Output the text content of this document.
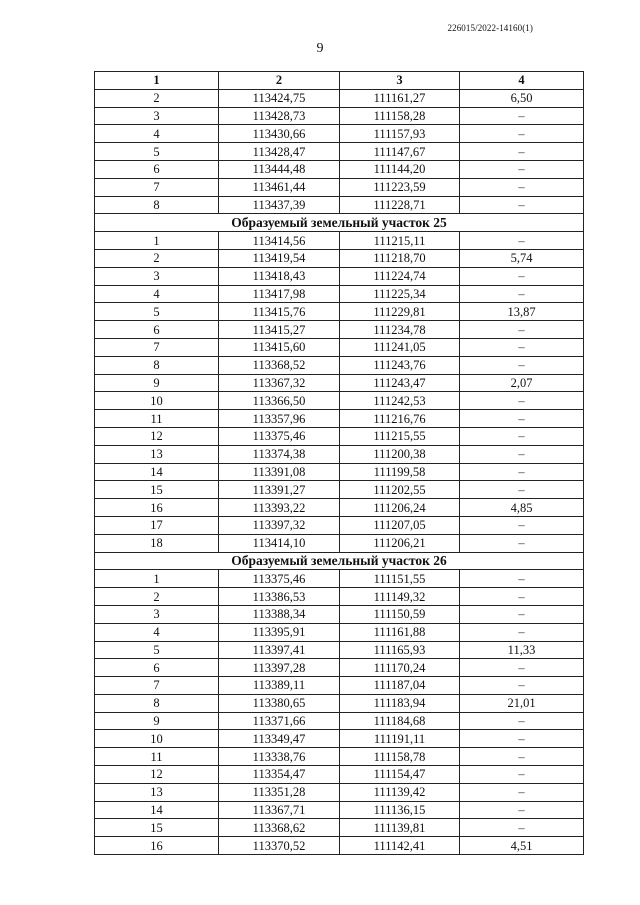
226015/2022-14160(1)
9
1	2	3	4
2	113424,75	111161,27	6,50
3	113428,73	111158,28	–
4	113430,66	111157,93	–
5	113428,47	111147,67	–
6	113444,48	111144,20	–
7	113461,44	111223,59	–
8	113437,39	111228,71	–
Образуемый земельный участок 25			
1	113414,56	111215,11	–
2	113419,54	111218,70	5,74
3	113418,43	111224,74	–
4	113417,98	111225,34	–
5	113415,76	111229,81	13,87
6	113415,27	111234,78	–
7	113415,60	111241,05	–
8	113368,52	111243,76	–
9	113367,32	111243,47	2,07
10	113366,50	111242,53	–
11	113357,96	111216,76	–
12	113375,46	111215,55	–
13	113374,38	111200,38	–
14	113391,08	111199,58	–
15	113391,27	111202,55	–
16	113393,22	111206,24	4,85
17	113397,32	111207,05	–
18	113414,10	111206,21	–
Образуемый земельный участок 26			
1	113375,46	111151,55	–
2	113386,53	111149,32	–
3	113388,34	111150,59	–
4	113395,91	111161,88	–
5	113397,41	111165,93	11,33
6	113397,28	111170,24	–
7	113389,11	111187,04	–
8	113380,65	111183,94	21,01
9	113371,66	111184,68	–
10	113349,47	111191,11	–
11	113338,76	111158,78	–
12	113354,47	111154,47	–
13	113351,28	111139,42	–
14	113367,71	111136,15	–
15	113368,62	111139,81	–
16	113370,52	111142,41	4,51
